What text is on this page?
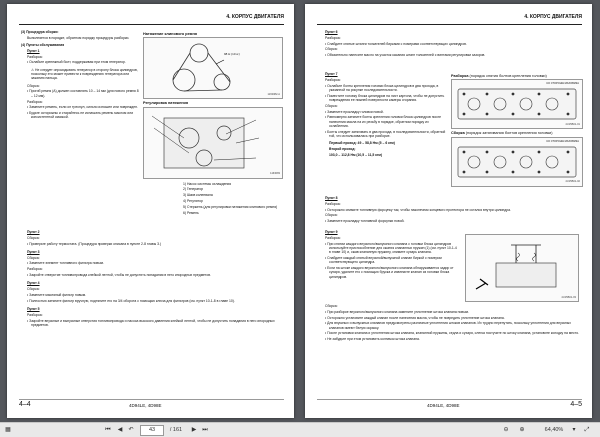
4. КОРПУС ДВИГАТЕЛЯ

(3) Процедура сборки:

Выполняется в порядке, обратном порядку процедуры разборки.

(4) Пункты обслуживания

Пункт 1

Разборка:

• Ослабьте крепежный болт, поддерживая при этом генератор.

⚠ Не следует опрокидывать генератор в сторону блока цилиндров, поскольку это может привести к повреждению генератора или зажатию пальца.

Сборка:

• Прогиб ремня (А) должен составлять 10 – 14 мм (для нового ремня 8 – 12 мм).

Разборка:

• Замените ремень, если он треснул, сильно изношен или поврежден.

• Будьте осторожны и старайтесь не испачкать ремень маслом или консистентной смазкой.

Натяжение клинового ремня
98 H (10 кг)
1163082-A
Регулировка натяжения
1163083

1) Насос системы охлаждения

2) Генератор

3) Шкив коленвала

4) Регулятор

5) Стержень (для регулировки натяжения клинового ремня)

6) Ремень

Пункт 2

Сборка:

• Проверьте работу термостата. (Процедура проверки описана в пункте 2-8 главы 3.)

Пункт 3

Сборка:

• Замените элемент топливного фильтра новым.

Разборка:

• Закройте отверстие топливопровода клейкой лентой, чтобы не допустить попадания в него инородных предметов.

Пункт 4

Сборка:

• Замените масляный фильтр новым.

• Полностью затяните фильтр вручную, подтяните его на 3/4 оборота с помощью ключа для фильтров (см. пункт 10-1-8 в главе 10).

Пункт 5

Разборка:

• Закройте впускные и выпускные отверстия топливопровода и насоса высокого давления клейкой лентой, чтобы не допустить попадания в него инородных предметов.

4–4	4D94LE, 4D98E
4. КОРПУС ДВИГАТЕЛЯ

Пункт 6

Разборка:

• Снабдите снятые штанги толкателей бирками с номерами соответствующих цилиндров.

Сборка:

• Обязательно нанесите масло на участок касания штанг толкателей с винтами регулировки зазоров.

Пункт 7

Разборка:

• Ослабьте болты крепления головки блока цилиндров в два прохода, в указанной на рисунке последовательности.

• Поместите головку блока цилиндров на лист картона, чтобы не допустить повреждения ее нижней поверхности камеры сгорания.

Сборка:

• Замените прокладку головки новой.

• Равномерно затяните болты крепления головки блока цилиндров после нанесения масла на их резьбу в порядке, обратном порядку их ослабления.

• Болты следует затягивать в два прохода, в последовательности, обратной той, что использовалась при разборке.

Первый проход: 49 – 58,8 Нм (5 – 6 кгм)

Второй проход:

103,0 – 112,8 Нм (10,5 – 11,5 кгм)

Разборка (порядок снятия болтов крепления головки)
СО СТОРОНЫ МАХОВИКА
4U15B01-01
Сборка (порядок затягивания болтов крепления головки)
СО СТОРОНЫ МАХОВИКА
4U15B01-02

Пункт 8

Разборка:

• Осторожно снимите топливную форсунку так, чтобы наконечник концевого протектора не остался внутри цилиндра.

Сборка:

• Замените прокладку топливной форсунки новой.

Пункт 9

Разборка:

• При снятии каждого впускного/выпускного клапана с головки блока цилиндров используйте приспособление для сжатия клапанных пружин (1) (см. пункт 10-1-4 в главе 10) и, сжав клапанную пружину, снимите сухарь клапана.

• Снабдите каждый снятый впускной/выпускной клапан биркой с номером соответствующего цилиндра.

• Если на штоке каждого впускного/выпускного клапана обнаруживается задир от сухаря, удалите его с помощью бруска и извлеките клапан из головки блока цилиндров.

4U15B01-03

Сборка:

• При разборке впускного/выпускного клапана замените уплотнение штока клапана новым.

• Осторожно установите каждый клапан после нанесения масла, чтобы не повредить уплотнение штока клапана.

• Для впускных и выпускных клапанов предусмотрены различные уплотнения штоков клапанов. Их трудно перепутать, поскольку уплотнения для впускных клапанов имеют белую окраску.

• После установки клапана и уплотнения штока клапана, клапанной пружины, седла и сухаря, слегка постучите по штоку клапана, установите колодку на место.

• Не забудьте при этом установить колпачок штока клапана.

4D94LE, 4D98E	4–5
▦	⏮ ◀ ↶	43	/ 161	▶ ⏭	⊖ ⊕	64,40%	▾	⤢
